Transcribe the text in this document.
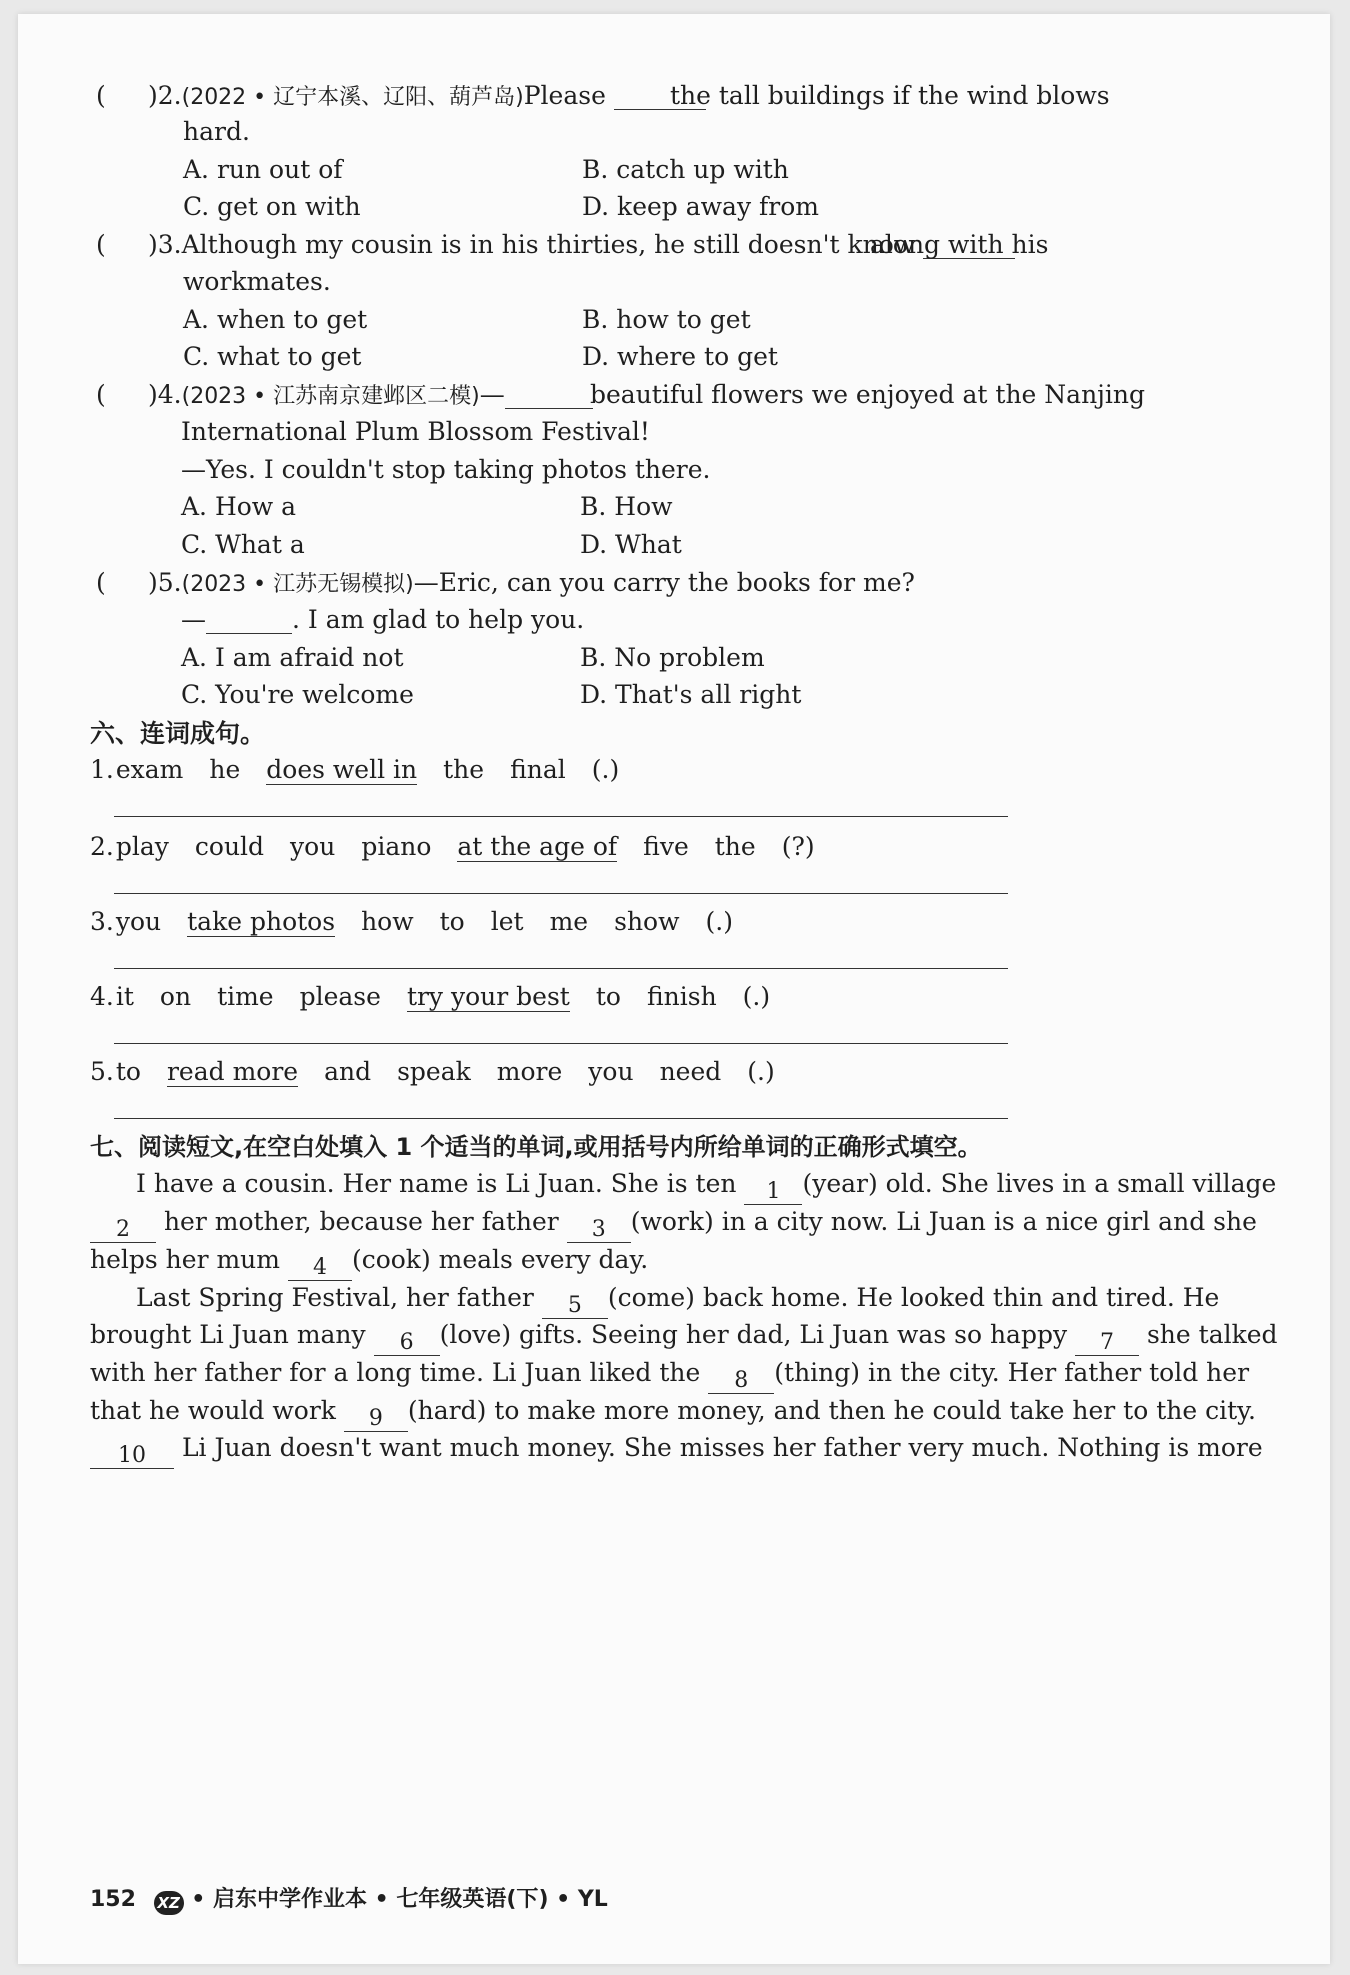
( )2.(2022 • 辽宁本溪、辽阳、葫芦岛)Please	the tall buildings if the wind blows
hard.
A. run out of	B. catch up with
C. get on with	D. keep away from
( )3.Although my cousin is in his thirties, he still doesn't know
along with his
workmates.
A. when to get	B. how to get
C. what to get	D. where to get
( )4.(2023 • 江苏南京建邺区二模)—	beautiful flowers we enjoyed at the Nanjing
International Plum Blossom Festival!
—Yes. I couldn't stop taking photos there.
A. How a	B. How
C. What a	D. What
( )5.(2023 • 江苏无锡模拟)—Eric, can you carry the books for me?
—	. I am glad to help you.
A. I am afraid not	B. No problem
C. You're welcome	D. That's all right
六、连词成句。
七、阅读短文,在空白处填入 1 个适当的单词,或用括号内所给单词的正确形式填空。
152 XZ • 启东中学作业本 • 七年级英语(下) • YL
1.exam he does well in the final (.)
2.play could you piano at the age of five the (?)
3.you take photos how to let me show (.)
4.it on time please try your best to finish (.)
5.to read more and speak more you need (.)
I have a cousin. Her name is Li Juan. She is ten 1 (year) old. She lives in a small village
2 her mother, because her father 3 (work) in a city now. Li Juan is a nice girl and she
helps her mum 4 (cook) meals every day.
Last Spring Festival, her father 5 (come) back home. He looked thin and tired. He
brought Li Juan many 6 (love) gifts. Seeing her dad, Li Juan was so happy 7 she talked
with her father for a long time. Li Juan liked the 8 (thing) in the city. Her father told her
that he would work 9 (hard) to make more money, and then he could take her to the city.
10 Li Juan doesn't want much money. She misses her father very much. Nothing is more
